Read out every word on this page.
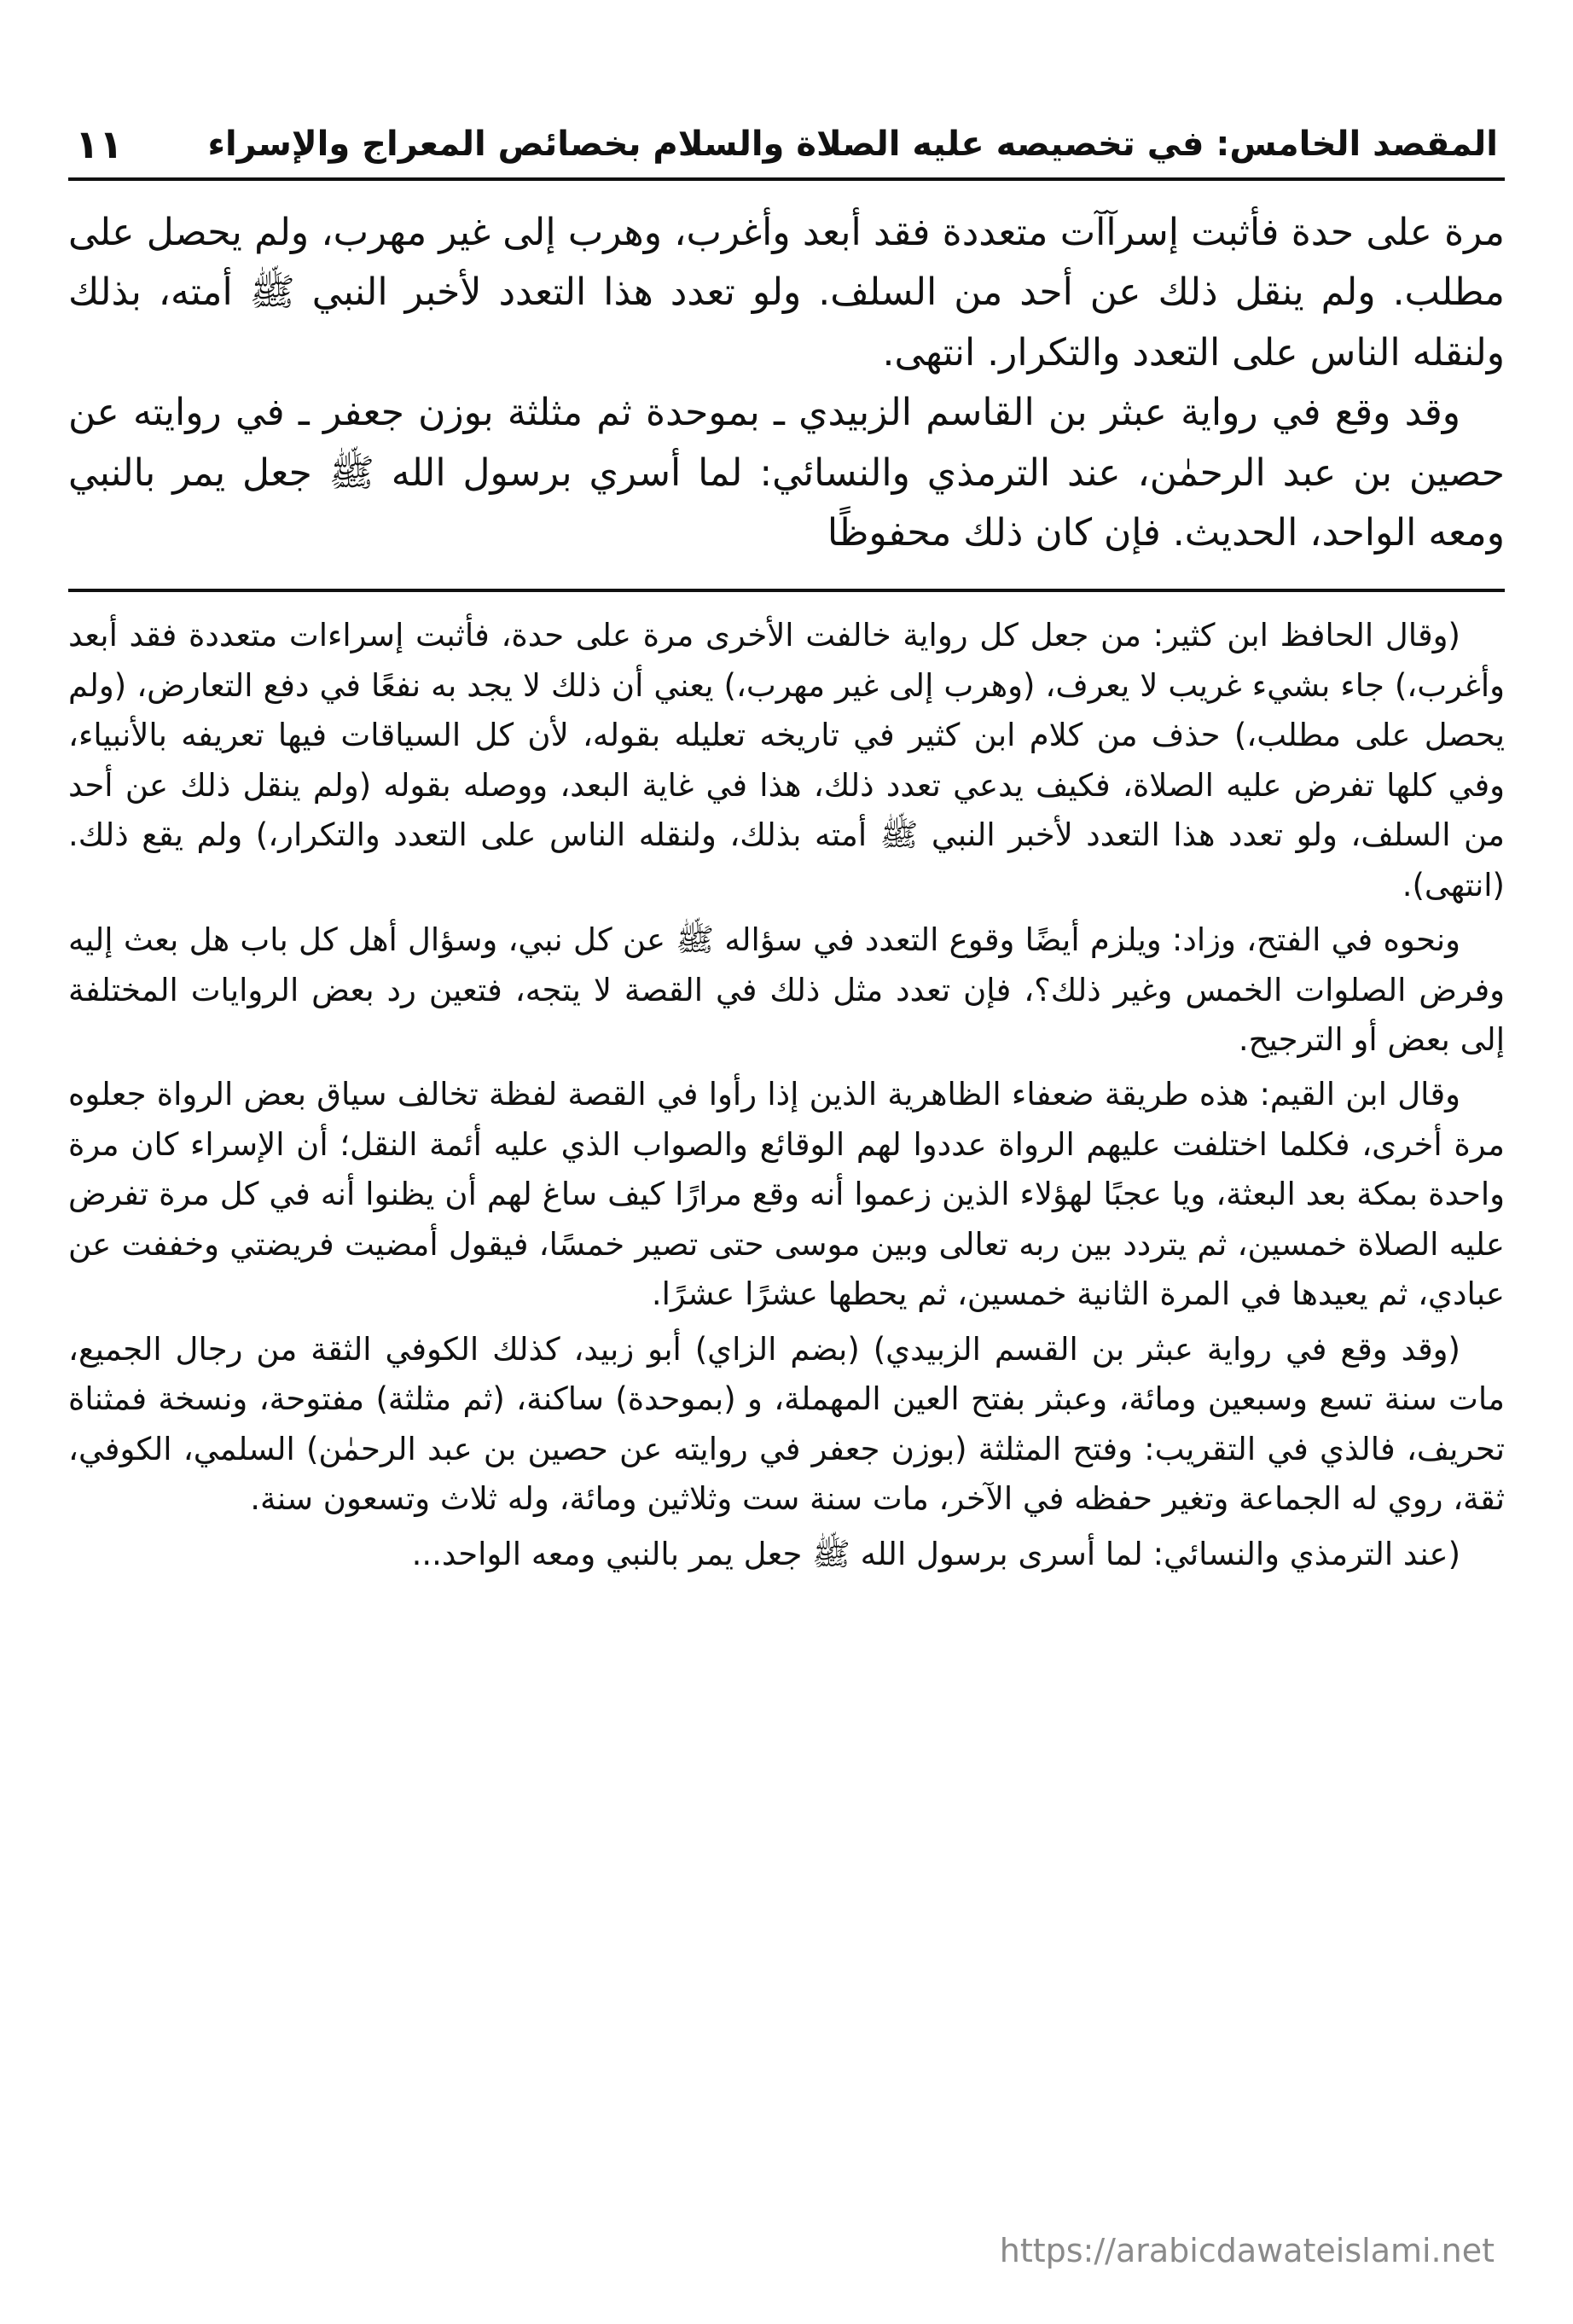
المقصد الخامس: في تخصيصه عليه الصلاة والسلام بخصائص المعراج والإسراء
١١

مرة على حدة فأثبت إسرآآت متعددة فقد أبعد وأغرب، وهرب إلى غير مهرب، ولم يحصل على مطلب. ولم ينقل ذلك عن أحد من السلف. ولو تعدد هذا التعدد لأخبر النبي ﷺ أمته، بذلك ولنقله الناس على التعدد والتكرار. انتهى.

وقد وقع في رواية عبثر بن القاسم الزبيدي ـ بموحدة ثم مثلثة بوزن جعفر ـ في روايته عن حصين بن عبد الرحمٰن، عند الترمذي والنسائي: لما أسري برسول الله ﷺ جعل يمر بالنبي ومعه الواحد، الحديث. فإن كان ذلك محفوظًا

(وقال الحافظ ابن كثير: من جعل كل رواية خالفت الأخرى مرة على حدة، فأثبت إسراءات متعددة فقد أبعد وأغرب،) جاء بشيء غريب لا يعرف، (وهرب إلى غير مهرب،) يعني أن ذلك لا يجد به نفعًا في دفع التعارض، (ولم يحصل على مطلب،) حذف من كلام ابن كثير في تاريخه تعليله بقوله، لأن كل السياقات فيها تعريفه بالأنبياء، وفي كلها تفرض عليه الصلاة، فكيف يدعي تعدد ذلك، هذا في غاية البعد، ووصله بقوله (ولم ينقل ذلك عن أحد من السلف، ولو تعدد هذا التعدد لأخبر النبي ﷺ أمته بذلك، ولنقله الناس على التعدد والتكرار،) ولم يقع ذلك. (انتهى).

ونحوه في الفتح، وزاد: ويلزم أيضًا وقوع التعدد في سؤاله ﷺ عن كل نبي، وسؤال أهل كل باب هل بعث إليه وفرض الصلوات الخمس وغير ذلك؟، فإن تعدد مثل ذلك في القصة لا يتجه، فتعين رد بعض الروايات المختلفة إلى بعض أو الترجيح.

وقال ابن القيم: هذه طريقة ضعفاء الظاهرية الذين إذا رأوا في القصة لفظة تخالف سياق بعض الرواة جعلوه مرة أخرى، فكلما اختلفت عليهم الرواة عددوا لهم الوقائع والصواب الذي عليه أئمة النقل؛ أن الإسراء كان مرة واحدة بمكة بعد البعثة، ويا عجبًا لهؤلاء الذين زعموا أنه وقع مرارًا كيف ساغ لهم أن يظنوا أنه في كل مرة تفرض عليه الصلاة خمسين، ثم يتردد بين ربه تعالى وبين موسى حتى تصير خمسًا، فيقول أمضيت فريضتي وخففت عن عبادي، ثم يعيدها في المرة الثانية خمسين، ثم يحطها عشرًا عشرًا.

(وقد وقع في رواية عبثر بن القسم الزبيدي) (بضم الزاي) أبو زبيد، كذلك الكوفي الثقة من رجال الجميع، مات سنة تسع وسبعين ومائة، وعبثر بفتح العين المهملة، و (بموحدة) ساكنة، (ثم مثلثة) مفتوحة، ونسخة فمثناة تحريف، فالذي في التقريب: وفتح المثلثة (بوزن جعفر في روايته عن حصين بن عبد الرحمٰن) السلمي، الكوفي، ثقة، روي له الجماعة وتغير حفظه في الآخر، مات سنة ست وثلاثين ومائة، وله ثلاث وتسعون سنة.

(عند الترمذي والنسائي: لما أسرى برسول الله ﷺ جعل يمر بالنبي ومعه الواحد...

https://arabicdawateislami.net
